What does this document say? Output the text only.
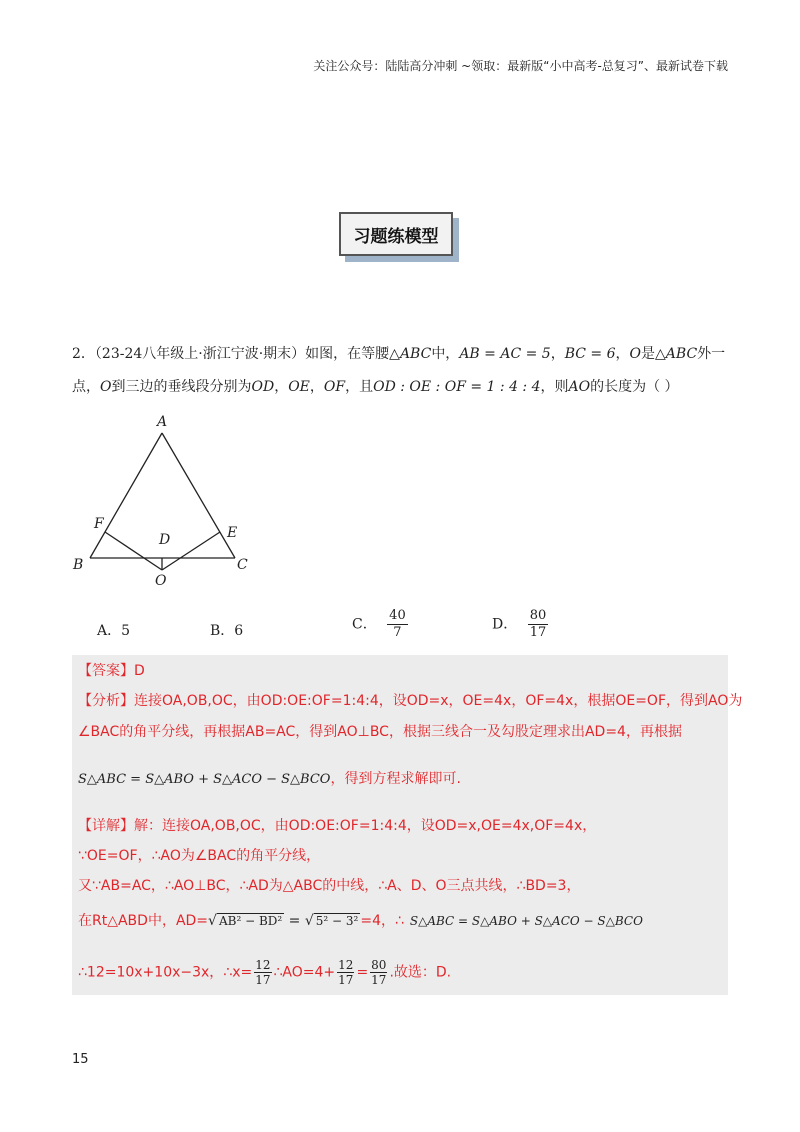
关注公众号：陆陆高分冲刺 ~领取：最新版“小中高考-总复习”、最新试卷下载
习题练模型
2．（23-24八年级上·浙江宁波·期末）如图，在等腰△ABC中，AB = AC = 5，BC = 6，O是△ABC外一
点，O到三边的垂线段分别为OD，OE，OF，且OD : OE : OF = 1 : 4 : 4，则AO的长度为（ ）
A
F
E
D
B	C
O
A．5	B．6	C． $\frac{40}{7}$	D． $\frac{80}{17}$
【答案】D
【分析】连接OA,OB,OC，由OD:OE:OF=1:4:4，设OD=x，OE=4x，OF=4x，根据OE=OF，得到AO为
∠BAC的角平分线，再根据AB=AC，得到AO⊥BC，根据三线合一及勾股定理求出AD=4，再根据
S△ABC = S△ABO + S△ACO − S△BCO，得到方程求解即可.
【详解】解：连接OA,OB,OC，由OD:OE:OF=1:4:4，设OD=x,OE=4x,OF=4x，
∵OE=OF，∴AO为∠BAC的角平分线，
又∵AB=AC，∴AO⊥BC，∴AD为△ABC的中线，∴A、D、O三点共线，∴BD=3，
在Rt△ABD中，AD=√ AB² − BD² = √ 5² − 3² =4，∴ S△ABC = S△ABO + S△ACO − S△BCO
∴12=10x+10x−3x，∴x= $\frac{12}{17}$ ∴AO=4+ $\frac{12}{17} = \frac{80}{17}$ .故选：D.
15
